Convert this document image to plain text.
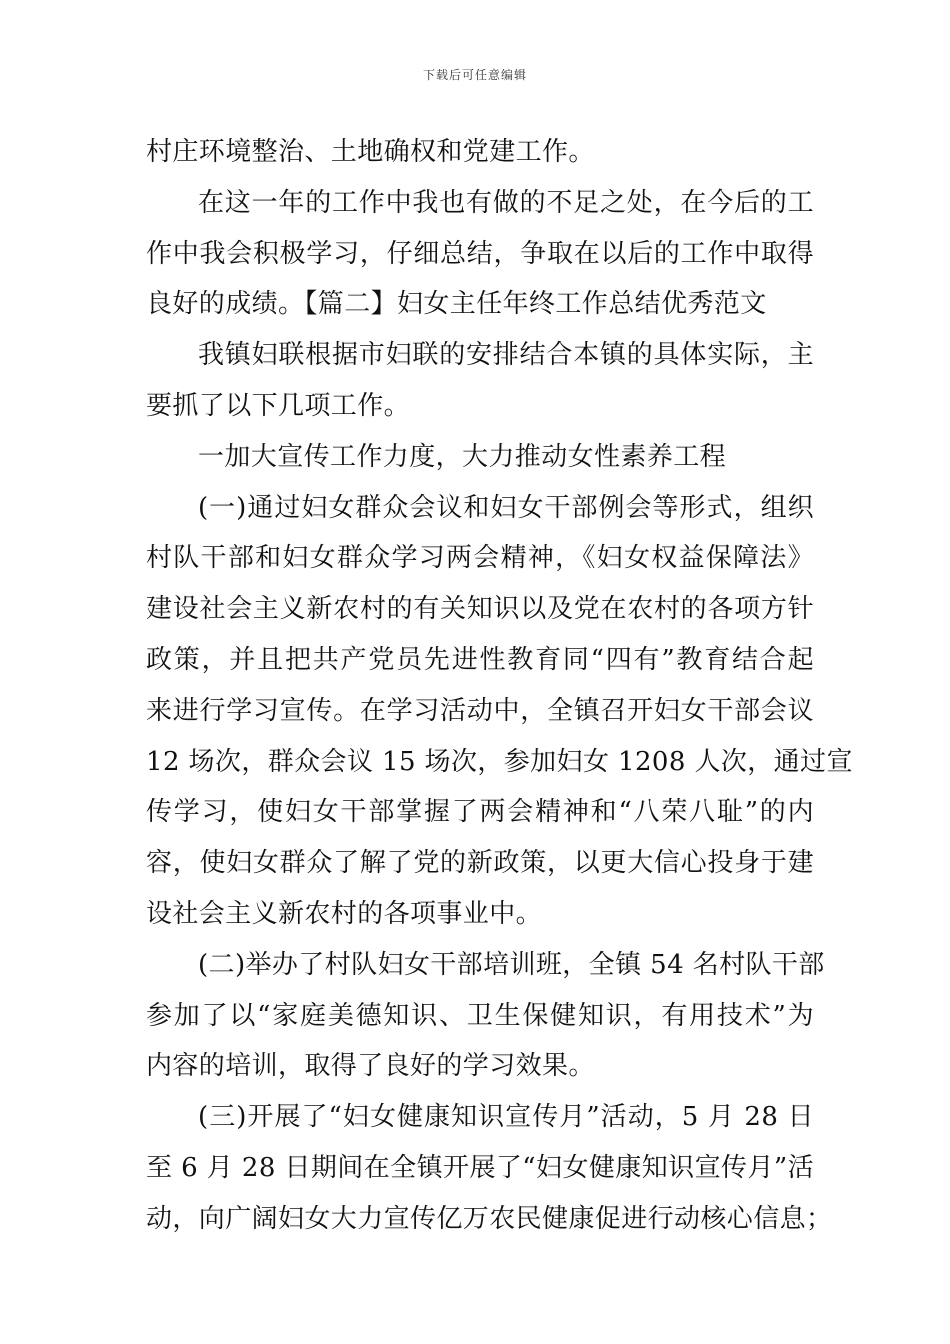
下载后可任意编辑
村庄环境整治、土地确权和党建工作。
在这一年的工作中我也有做的不足之处，在今后的工
作中我会积极学习，仔细总结，争取在以后的工作中取得
良好的成绩。【篇二】妇女主任年终工作总结优秀范文
我镇妇联根据市妇联的安排结合本镇的具体实际，主
要抓了以下几项工作。
一加大宣传工作力度，大力推动女性素养工程
(一)通过妇女群众会议和妇女干部例会等形式，组织
村队干部和妇女群众学习两会精神，《妇女权益保障法》
建设社会主义新农村的有关知识以及党在农村的各项方针
政策，并且把共产党员先进性教育同“四有”教育结合起
来进行学习宣传。在学习活动中，全镇召开妇女干部会议
12 场次，群众会议 15 场次，参加妇女 1208 人次，通过宣
传学习，使妇女干部掌握了两会精神和“八荣八耻”的内
容，使妇女群众了解了党的新政策，以更大信心投身于建
设社会主义新农村的各项事业中。
(二)举办了村队妇女干部培训班，全镇 54 名村队干部
参加了以“家庭美德知识、卫生保健知识，有用技术”为
内容的培训，取得了良好的学习效果。
(三)开展了“妇女健康知识宣传月”活动，5 月 28 日
至 6 月 28 日期间在全镇开展了“妇女健康知识宣传月”活
动，向广阔妇女大力宣传亿万农民健康促进行动核心信息；
